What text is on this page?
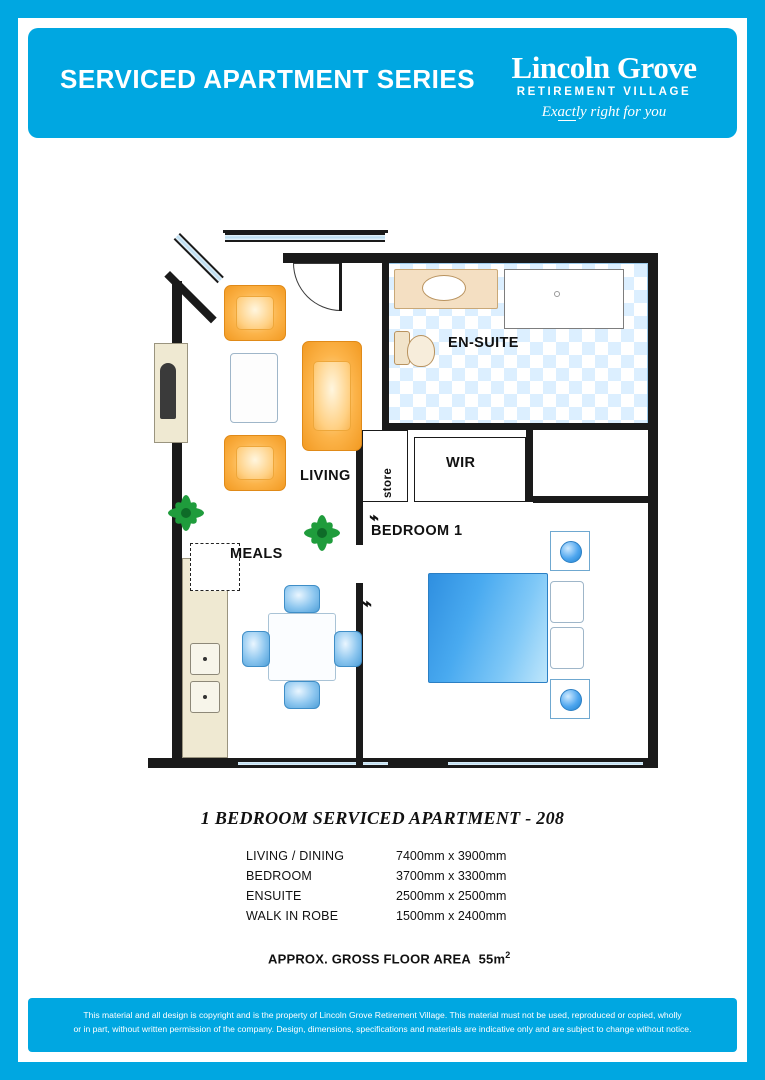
SERVICED APARTMENT SERIES	Lincoln Grove
RETIREMENT VILLAGE
Exactly right for you
EN-SUITE
store
WIR
BEDROOM 1
⌁
⌁
LIVING
MEALS
1 BEDROOM SERVICED APARTMENT - 208
LIVING / DINING	7400mm x 3900mm
BEDROOM	3700mm x 3300mm
ENSUITE	2500mm x 2500mm
WALK IN ROBE	1500mm x 2400mm
APPROX. GROSS FLOOR AREA $55m^2$
This material and all design is copyright and is the property of Lincoln Grove Retirement Village. This material must not be used, reproduced or copied, wholly
or in part, without written permission of the company. Design, dimensions, specifications and materials are indicative only and are subject to change without notice.
